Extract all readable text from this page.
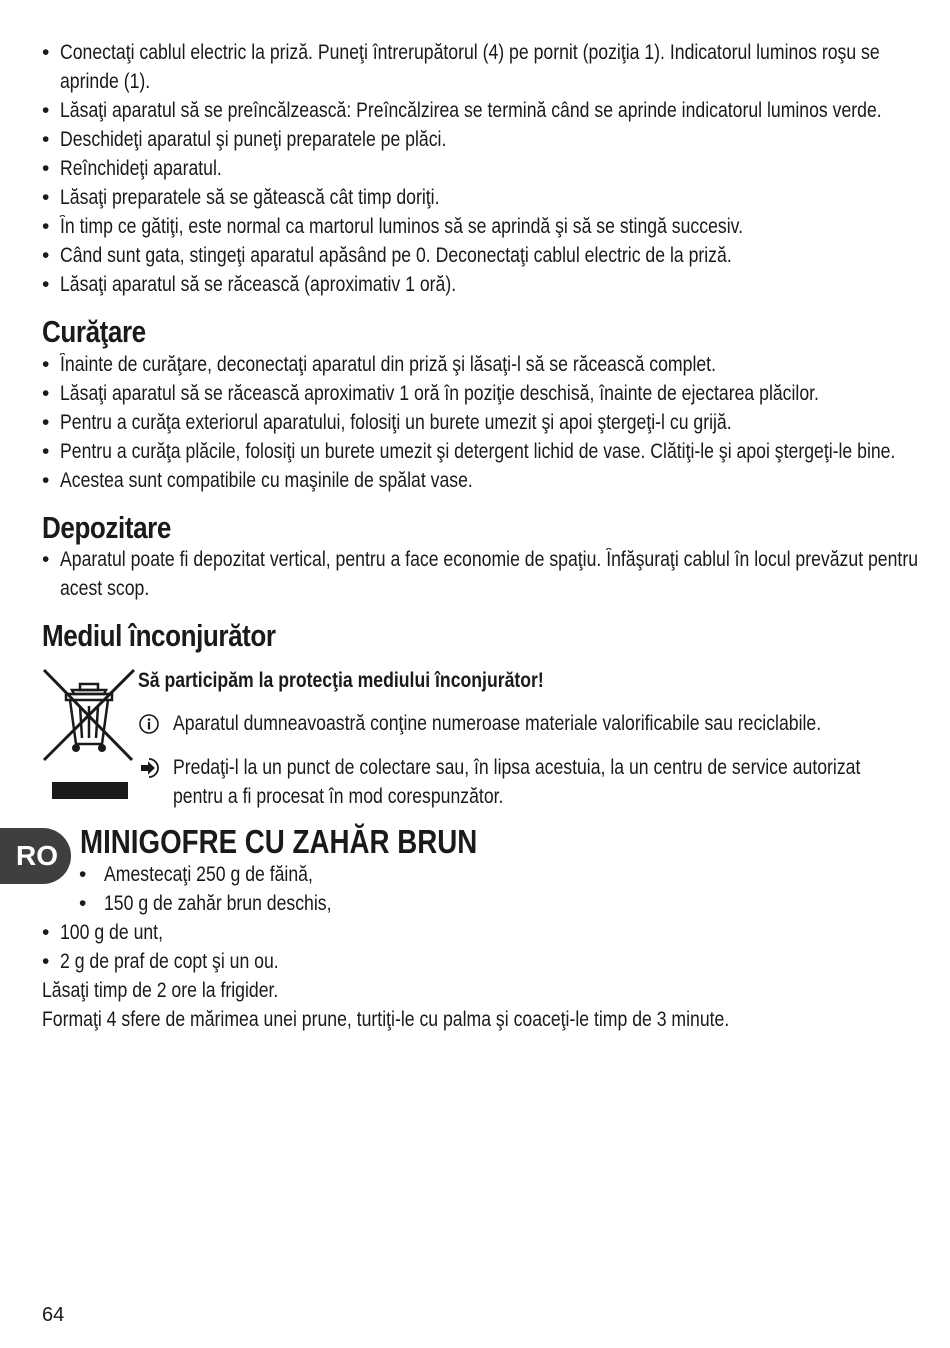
• Conectaţi cablul electric la priză. Puneţi întrerupătorul (4) pe pornit (poziţia 1). Indicatorul luminos roşu se
aprinde (1).
• Lăsaţi aparatul să se preîncălzească: Preîncălzirea se termină când se aprinde indicatorul luminos verde.
• Deschideţi aparatul şi puneţi preparatele pe plăci.
• Reînchideţi aparatul.
• Lăsaţi preparatele să se gătească cât timp doriţi.
• În timp ce gătiţi, este normal ca martorul luminos să se aprindă şi să se stingă succesiv.
• Când sunt gata, stingeţi aparatul apăsând pe 0. Deconectaţi cablul electric de la priză.
• Lăsaţi aparatul să se răcească (aproximativ 1 oră).
Curăţare
• Înainte de curăţare, deconectaţi aparatul din priză şi lăsaţi-l să se răcească complet.
• Lăsaţi aparatul să se răcească aproximativ 1 oră în poziţie deschisă, înainte de ejectarea plăcilor.
• Pentru a curăţa exteriorul aparatului, folosiţi un burete umezit şi apoi ştergeţi-l cu grijă.
• Pentru a curăţa plăcile, folosiţi un burete umezit şi detergent lichid de vase. Clătiţi-le şi apoi ştergeţi-le bine.
• Acestea sunt compatibile cu maşinile de spălat vase.
Depozitare
• Aparatul poate fi depozitat vertical, pentru a face economie de spaţiu. Înfăşuraţi cablul în locul prevăzut pentru
acest scop.
Mediul înconjurător
Să participăm la protecţia mediului înconjurător!
Aparatul dumneavoastră conţine numeroase materiale valorificabile sau reciclabile.
Predaţi-l la un punct de colectare sau, în lipsa acestuia, la un centru de service autorizat
pentru a fi procesat în mod corespunzător.
RO MINIGOFRE CU ZAHĂR BRUN
• Amestecaţi 250 g de făină,
• 150 g de zahăr brun deschis,
• 100 g de unt,
• 2 g de praf de copt şi un ou.
Lăsaţi timp de 2 ore la frigider.
Formaţi 4 sfere de mărimea unei prune, turtiţi-le cu palma şi coaceţi-le timp de 3 minute.
64
